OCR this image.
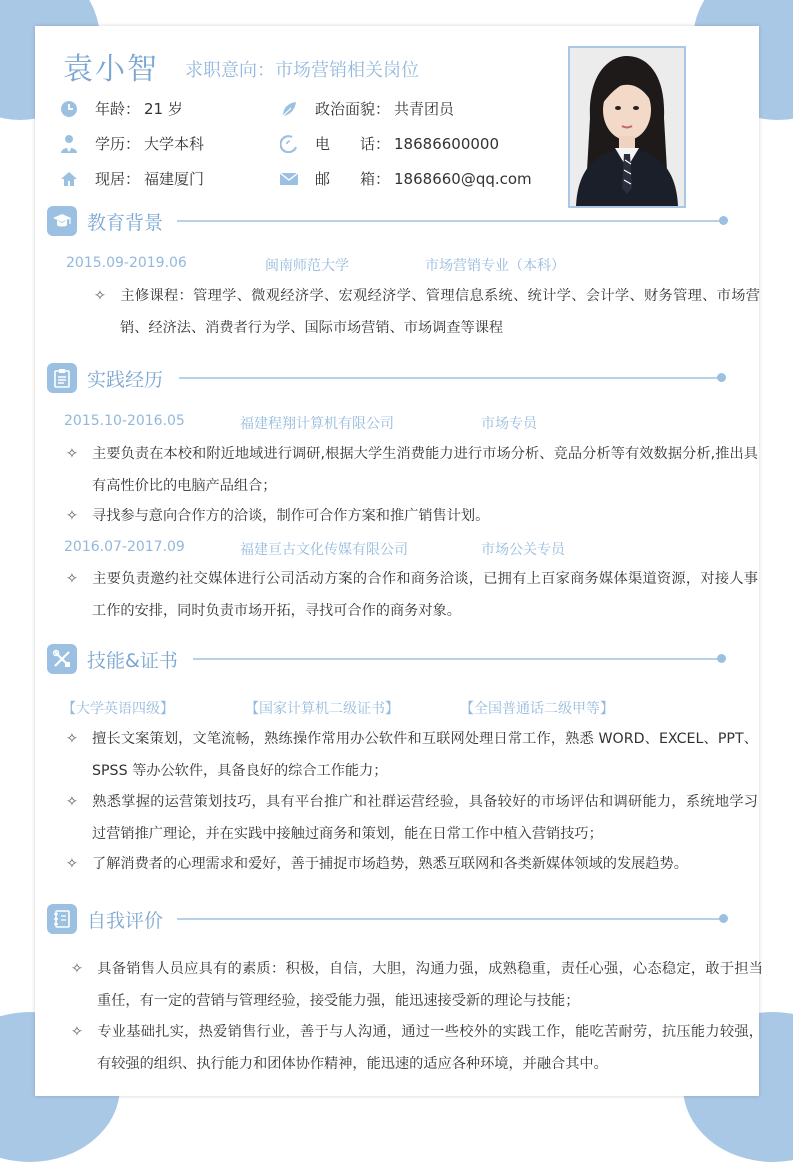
袁小智 求职意向：市场营销相关岗位
年龄： 21 岁	政治面貌： 共青团员
学历： 大学本科	电　　话： 18686600000
现居： 福建厦门	邮　　箱： 1868660@qq.com
教育背景
2015.09-2019.06	闽南师范大学	市场营销专业（本科）
✧ 主修课程：管理学、微观经济学、宏观经济学、管理信息系统、统计学、会计学、财务管理、市场营销、经济法、消费者行为学、国际市场营销、市场调查等课程
实践经历
2015.10-2016.05	福建程翔计算机有限公司	市场专员
✧ 主要负责在本校和附近地域进行调研,根据大学生消费能力进行市场分析、竞品分析等有效数据分析,推出具有高性价比的电脑产品组合；
✧ 寻找参与意向合作方的洽谈，制作可合作方案和推广销售计划。
2016.07-2017.09	福建亘古文化传媒有限公司	市场公关专员
✧ 主要负责邀约社交媒体进行公司活动方案的合作和商务洽谈，已拥有上百家商务媒体渠道资源，对接人事工作的安排，同时负责市场开拓，寻找可合作的商务对象。
技能&证书
【大学英语四级】	【国家计算机二级证书】	【全国普通话二级甲等】
✧ 擅长文案策划，文笔流畅，熟练操作常用办公软件和互联网处理日常工作，熟悉 WORD、EXCEL、PPT、SPSS 等办公软件，具备良好的综合工作能力；
✧ 熟悉掌握的运营策划技巧，具有平台推广和社群运营经验，具备较好的市场评估和调研能力，系统地学习过营销推广理论，并在实践中接触过商务和策划，能在日常工作中植入营销技巧；
✧ 了解消费者的心理需求和爱好，善于捕捉市场趋势，熟悉互联网和各类新媒体领域的发展趋势。
自我评价
✧ 具备销售人员应具有的素质：积极，自信，大胆，沟通力强，成熟稳重，责任心强，心态稳定，敢于担当重任，有一定的营销与管理经验，接受能力强，能迅速接受新的理论与技能；
✧ 专业基础扎实，热爱销售行业，善于与人沟通，通过一些校外的实践工作，能吃苦耐劳，抗压能力较强，有较强的组织、执行能力和团体协作精神，能迅速的适应各种环境，并融合其中。
